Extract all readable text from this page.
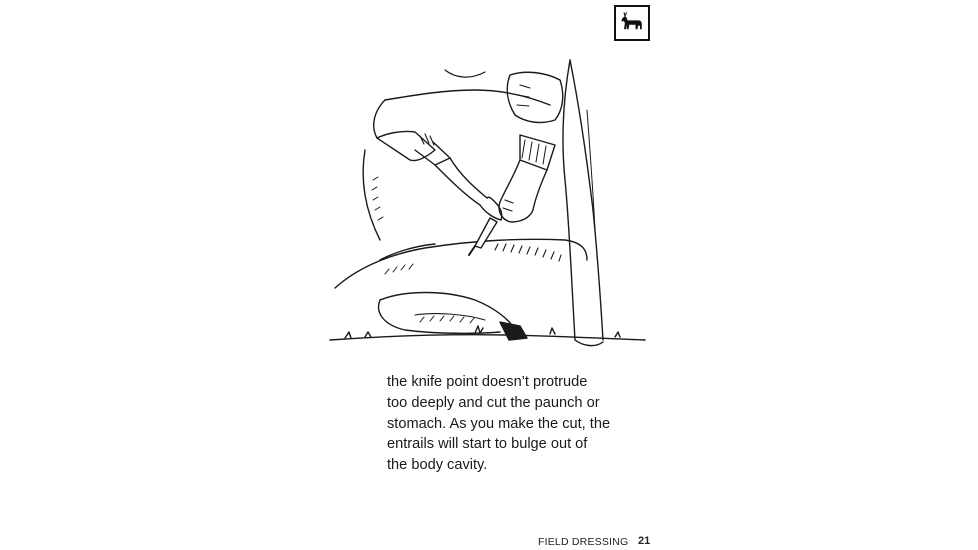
the knife point doesn’t protrude
too deeply and cut the paunch or
stomach. As you make the cut, the
entrails will start to bulge out of
the body cavity.

FIELD DRESSING 21
